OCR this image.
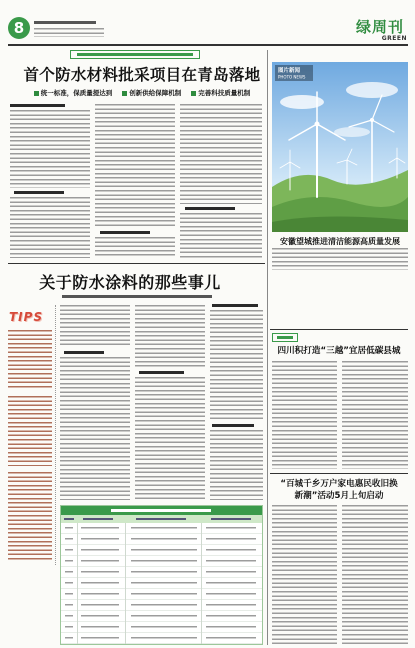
8	绿周刊
GREEN
首个防水材料批采项目在青岛落地
统一标准，保质量提达到	创新供给保障机制	完善科技质量机制
图片新闻
PHOTO NEWS
安徽望城推进清洁能源高质量发展
关于防水涂料的那些事儿
TIPS
四川积打造“三越”宜居低碳县城
“百城千乡万户家电惠民收旧换
新潮”活动5月上旬启动
